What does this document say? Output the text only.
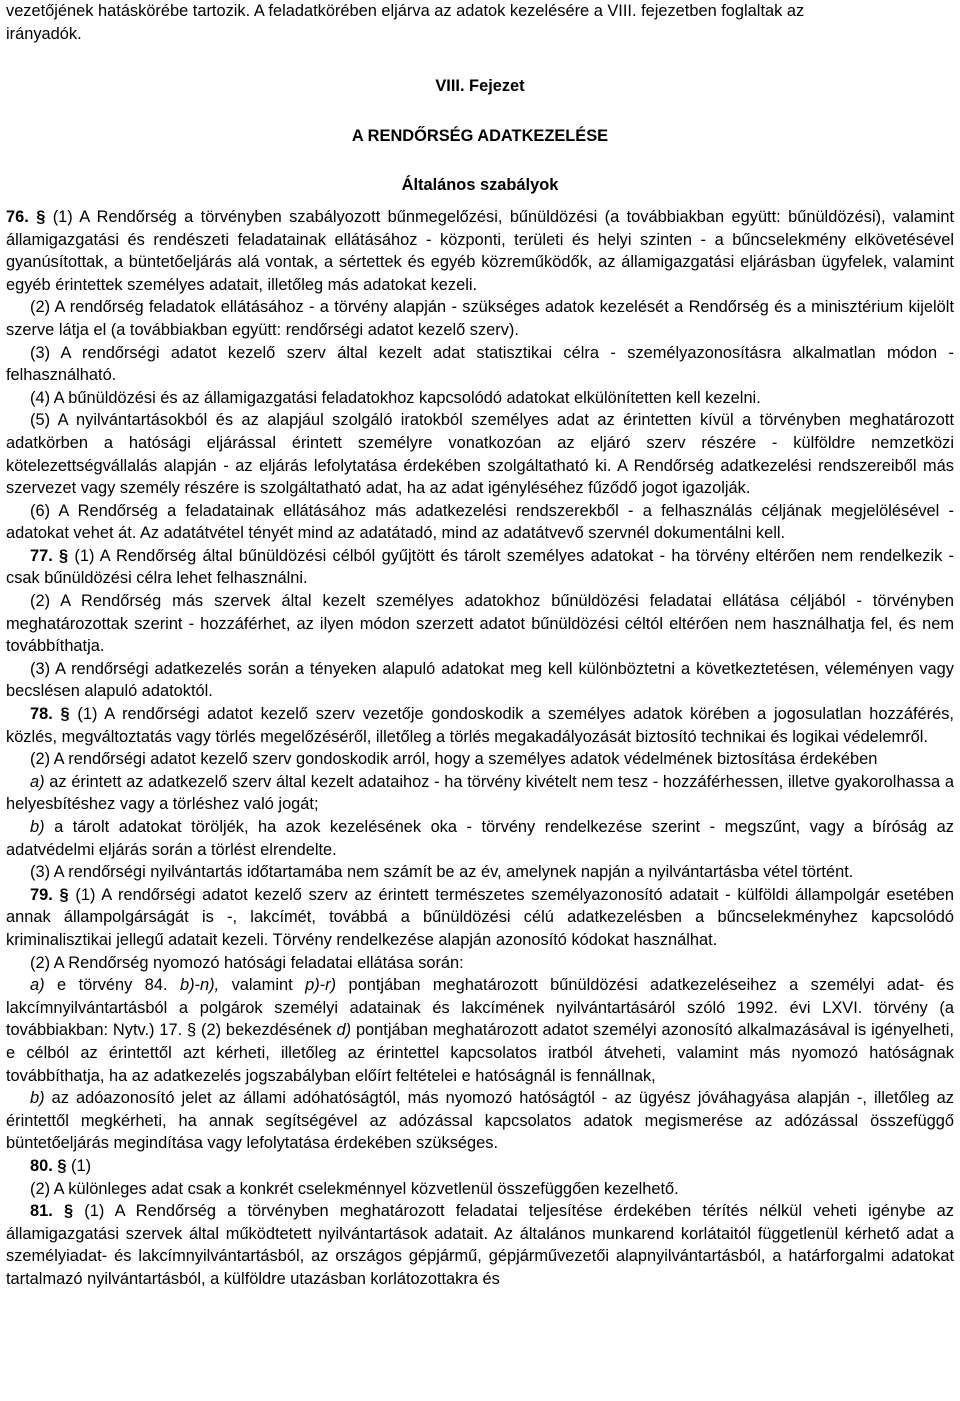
vezetőjének hatáskörébe tartozik. A feladatkörében eljárva az adatok kezelésére a VIII. fejezetben foglaltak az
irányadók.

VIII. Fejezet
A RENDŐRSÉG ADATKEZELÉSE
Általános szabályok

76. § (1) A Rendőrség a törvényben szabályozott bűnmegelőzési, bűnüldözési (a továbbiakban együtt: bűnüldözési), valamint államigazgatási és rendészeti feladatainak ellátásához - központi, területi és helyi szinten - a bűncselekmény elkövetésével gyanúsítottak, a büntetőeljárás alá vontak, a sértettek és egyéb közreműködők, az államigazgatási eljárásban ügyfelek, valamint egyéb érintettek személyes adatait, illetőleg más adatokat kezeli.

(2) A rendőrség feladatok ellátásához - a törvény alapján - szükséges adatok kezelését a Rendőrség és a minisztérium kijelölt szerve látja el (a továbbiakban együtt: rendőrségi adatot kezelő szerv).

(3) A rendőrségi adatot kezelő szerv által kezelt adat statisztikai célra - személyazonosításra alkalmatlan módon - felhasználható.

(4) A bűnüldözési és az államigazgatási feladatokhoz kapcsolódó adatokat elkülönítetten kell kezelni.

(5) A nyilvántartásokból és az alapjául szolgáló iratokból személyes adat az érintetten kívül a törvényben meghatározott adatkörben a hatósági eljárással érintett személyre vonatkozóan az eljáró szerv részére - külföldre nemzetközi kötelezettségvállalás alapján - az eljárás lefolytatása érdekében szolgáltatható ki. A Rendőrség adatkezelési rendszereiből más szervezet vagy személy részére is szolgáltatható adat, ha az adat igényléséhez fűződő jogot igazolják.

(6) A Rendőrség a feladatainak ellátásához más adatkezelési rendszerekből - a felhasználás céljának megjelölésével - adatokat vehet át. Az adatátvétel tényét mind az adatátadó, mind az adatátvevő szervnél dokumentálni kell.

77. § (1) A Rendőrség által bűnüldözési célból gyűjtött és tárolt személyes adatokat - ha törvény eltérően nem rendelkezik - csak bűnüldözési célra lehet felhasználni.

(2) A Rendőrség más szervek által kezelt személyes adatokhoz bűnüldözési feladatai ellátása céljából - törvényben meghatározottak szerint - hozzáférhet, az ilyen módon szerzett adatot bűnüldözési céltól eltérően nem használhatja fel, és nem továbbíthatja.

(3) A rendőrségi adatkezelés során a tényeken alapuló adatokat meg kell különböztetni a következtetésen, véleményen vagy becslésen alapuló adatoktól.

78. § (1) A rendőrségi adatot kezelő szerv vezetője gondoskodik a személyes adatok körében a jogosulatlan hozzáférés, közlés, megváltoztatás vagy törlés megelőzéséről, illetőleg a törlés megakadályozását biztosító technikai és logikai védelemről.

(2) A rendőrségi adatot kezelő szerv gondoskodik arról, hogy a személyes adatok védelmének biztosítása érdekében

a) az érintett az adatkezelő szerv által kezelt adataihoz - ha törvény kivételt nem tesz - hozzáférhessen, illetve gyakorolhassa a helyesbítéshez vagy a törléshez való jogát;

b) a tárolt adatokat töröljék, ha azok kezelésének oka - törvény rendelkezése szerint - megszűnt, vagy a bíróság az adatvédelmi eljárás során a törlést elrendelte.

(3) A rendőrségi nyilvántartás időtartamába nem számít be az év, amelynek napján a nyilvántartásba vétel történt.

79. § (1) A rendőrségi adatot kezelő szerv az érintett természetes személyazonosító adatait - külföldi állampolgár esetében annak állampolgárságát is -, lakcímét, továbbá a bűnüldözési célú adatkezelésben a bűncselekményhez kapcsolódó kriminalisztikai jellegű adatait kezeli. Törvény rendelkezése alapján azonosító kódokat használhat.

(2) A Rendőrség nyomozó hatósági feladatai ellátása során:

a) e törvény 84. b)-n), valamint p)-r) pontjában meghatározott bűnüldözési adatkezeléseihez a személyi adat- és lakcímnyilvántartásból a polgárok személyi adatainak és lakcímének nyilvántartásáról szóló 1992. évi LXVI. törvény (a továbbiakban: Nytv.) 17. § (2) bekezdésének d) pontjában meghatározott adatot személyi azonosító alkalmazásával is igényelheti, e célból az érintettől azt kérheti, illetőleg az érintettel kapcsolatos iratból átveheti, valamint más nyomozó hatóságnak továbbíthatja, ha az adatkezelés jogszabályban előírt feltételei e hatóságnál is fennállnak,

b) az adóazonosító jelet az állami adóhatóságtól, más nyomozó hatóságtól - az ügyész jóváhagyása alapján -, illetőleg az érintettől megkérheti, ha annak segítségével az adózással kapcsolatos adatok megismerése az adózással összefüggő büntetőeljárás megindítása vagy lefolytatása érdekében szükséges.

80. § (1)

(2) A különleges adat csak a konkrét cselekménnyel közvetlenül összefüggően kezelhető.

81. § (1) A Rendőrség a törvényben meghatározott feladatai teljesítése érdekében térítés nélkül veheti igénybe az államigazgatási szervek által működtetett nyilvántartások adatait. Az általános munkarend korlátaitól függetlenül kérhető adat a személyiadat- és lakcímnyilvántartásból, az országos gépjármű, gépjárművezetői alapnyilvántartásból, a határforgalmi adatokat tartalmazó nyilvántartásból, a külföldre utazásban korlátozottakra és
